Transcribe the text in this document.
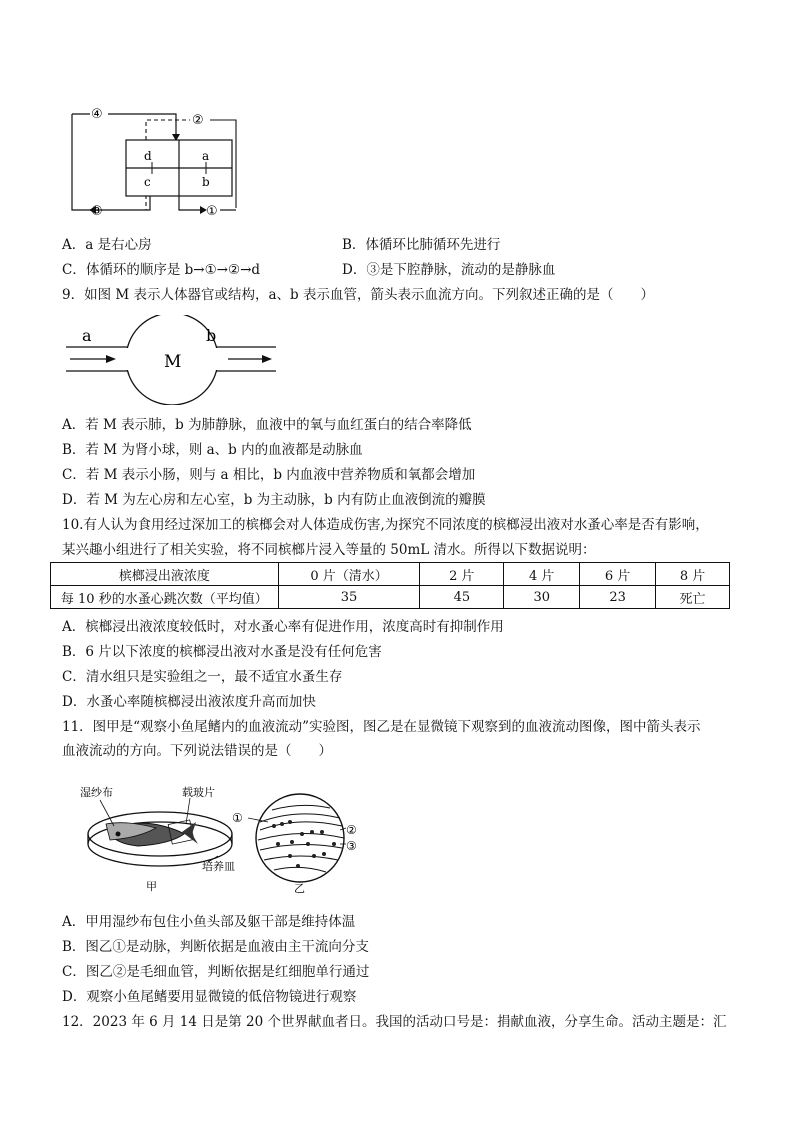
d	a
c	b
④	②
③	①
A．a 是右心房	B．体循环比肺循环先进行
C．体循环的顺序是 b→①→②→d	D．③是下腔静脉，流动的是静脉血
9．如图 M 表示人体器官或结构，a、b 表示血管，箭头表示血流方向。下列叙述正确的是（　　）
a	b
M
A．若 M 表示肺，b 为肺静脉，血液中的氧与血红蛋白的结合率降低
B．若 M 为肾小球，则 a、b 内的血液都是动脉血
C．若 M 表示小肠，则与 a 相比，b 内血液中营养物质和氧都会增加
D．若 M 为左心房和左心室，b 为主动脉，b 内有防止血液倒流的瓣膜
10.有人认为食用经过深加工的槟榔会对人体造成伤害,为探究不同浓度的槟榔浸出液对水蚤心率是否有影响，
某兴趣小组进行了相关实验，将不同槟榔片浸入等量的 50mL 清水。所得以下数据说明：
槟榔浸出液浓度	0 片（清水）	2 片	4 片	6 片	8 片
每 10 秒的水蚤心跳次数（平均值）	35	45	30	23	死亡
A．槟榔浸出液浓度较低时，对水蚤心率有促进作用，浓度高时有抑制作用
B．6 片以下浓度的槟榔浸出液对水蚤是没有任何危害
C．清水组只是实验组之一，最不适宜水蚤生存
D．水蚤心率随槟榔浸出液浓度升高而加快
11．图甲是“观察小鱼尾鳍内的血液流动”实验图，图乙是在显微镜下观察到的血液流动图像，图中箭头表示
血液流动的方向。下列说法错误的是（　　）
湿纱布	载玻片
培养皿
甲
①
②
③
乙
A．甲用湿纱布包住小鱼头部及躯干部是维持体温
B．图乙①是动脉，判断依据是血液由主干流向分支
C．图乙②是毛细血管，判断依据是红细胞单行通过
D．观察小鱼尾鳍要用显微镜的低倍物镜进行观察
12．2023 年 6 月 14 日是第 20 个世界献血者日。我国的活动口号是：捐献血液，分享生命。活动主题是：汇
